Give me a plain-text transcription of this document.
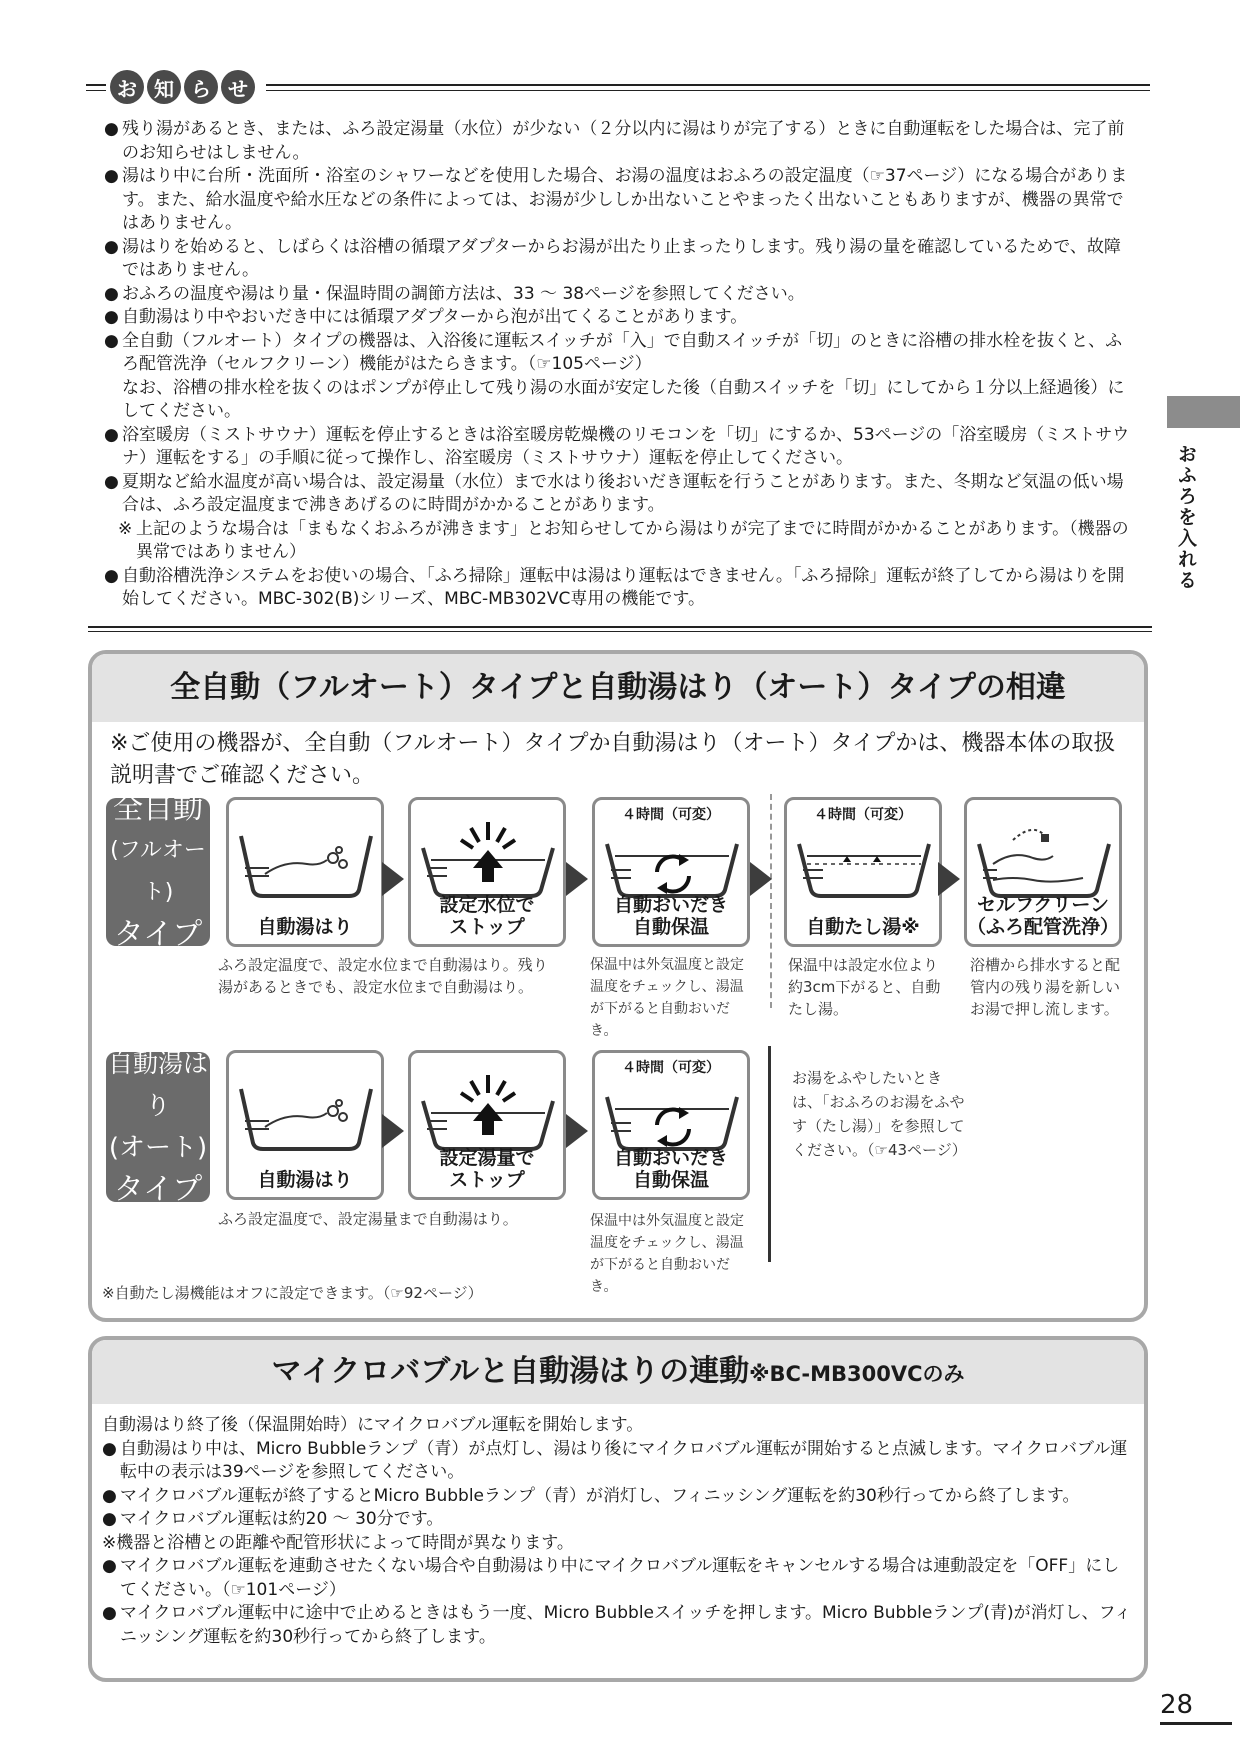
お 知 ら せ
● 残り湯があるとき、または、ふろ設定湯量（水位）が少ない（２分以内に湯はりが完了する）ときに自動運転をした場合は、完了前のお知らせはしません。
● 湯はり中に台所・洗面所・浴室のシャワーなどを使用した場合、お湯の温度はおふろの設定温度（☞37ページ）になる場合があります。また、給水温度や給水圧などの条件によっては、お湯が少ししか出ないことやまったく出ないこともありますが、機器の異常ではありません。
● 湯はりを始めると、しばらくは浴槽の循環アダプターからお湯が出たり止まったりします。残り湯の量を確認しているためで、故障ではありません。
● おふろの温度や湯はり量・保温時間の調節方法は、33 ～ 38ページを参照してください。
● 自動湯はり中やおいだき中には循環アダプターから泡が出てくることがあります。
● 全自動（フルオート）タイプの機器は、入浴後に運転スイッチが「入」で自動スイッチが「切」のときに浴槽の排水栓を抜くと、ふろ配管洗浄（セルフクリーン）機能がはたらきます。（☞105ページ）
なお、浴槽の排水栓を抜くのはポンプが停止して残り湯の水面が安定した後（自動スイッチを「切」にしてから１分以上経過後）にしてください。
● 浴室暖房（ミストサウナ）運転を停止するときは浴室暖房乾燥機のリモコンを「切」にするか、53ページの「浴室暖房（ミストサウナ）運転をする」の手順に従って操作し、浴室暖房（ミストサウナ）運転を停止してください。
● 夏期など給水温度が高い場合は、設定湯量（水位）まで水はり後おいだき運転を行うことがあります。また、冬期など気温の低い場合は、ふろ設定温度まで沸きあげるのに時間がかかることがあります。
※ 上記のような場合は「まもなくおふろが沸きます」とお知らせしてから湯はりが完了までに時間がかかることがあります。（機器の異常ではありません）
● 自動浴槽洗浄システムをお使いの場合、「ふろ掃除」運転中は湯はり運転はできません。「ふろ掃除」運転が終了してから湯はりを開始してください。MBC-302(B)シリーズ、MBC-MB302VC専用の機能です。
おふろを入れる
全自動（フルオート）タイプと自動湯はり（オート）タイプの相違
※ご使用の機器が、全自動（フルオート）タイプか自動湯はり（オート）タイプかは、機器本体の取扱説明書でご確認ください。
全自動
(フルオート)
タイプ	自動湯はり
設定水位で
ストップ
４時間（可変）
自動おいだき
自動保温
４時間（可変）
自動たし湯※
セルフクリーン
（ふろ配管洗浄）
ふろ設定温度で、設定水位まで自動湯はり。残り湯があるときでも、設定水位まで自動湯はり。
保温中は外気温度と設定温度をチェックし、湯温が下がると自動おいだき。
保温中は設定水位より約3cm下がると、自動たし湯。
浴槽から排水すると配管内の残り湯を新しいお湯で押し流します。
自動湯はり
(オート)
タイプ	自動湯はり
設定湯量で
ストップ
４時間（可変）
自動おいだき
自動保温
お湯をふやしたいときは、「おふろのお湯をふやす（たし湯）」を参照してください。（☞43ページ）
ふろ設定温度で、設定湯量まで自動湯はり。	保温中は外気温度と設定温度をチェックし、湯温が下がると自動おいだき。
※自動たし湯機能はオフに設定できます。（☞92ページ）
マイクロバブルと自動湯はりの連動※BC-MB300VCのみ
自動湯はり終了後（保温開始時）にマイクロバブル運転を開始します。
● 自動湯はり中は、Micro Bubbleランプ（青）が点灯し、湯はり後にマイクロバブル運転が開始すると点滅します。マイクロバブル運転中の表示は39ページを参照してください。
● マイクロバブル運転が終了するとMicro Bubbleランプ（青）が消灯し、フィニッシング運転を約30秒行ってから終了します。
● マイクロバブル運転は約20 ～ 30分です。
※機器と浴槽との距離や配管形状によって時間が異なります。
● マイクロバブル運転を連動させたくない場合や自動湯はり中にマイクロバブル運転をキャンセルする場合は連動設定を「OFF」にしてください。（☞101ページ）
● マイクロバブル運転中に途中で止めるときはもう一度、Micro Bubbleスイッチを押します。Micro Bubbleランプ(青)が消灯し、フィニッシング運転を約30秒行ってから終了します。
28
